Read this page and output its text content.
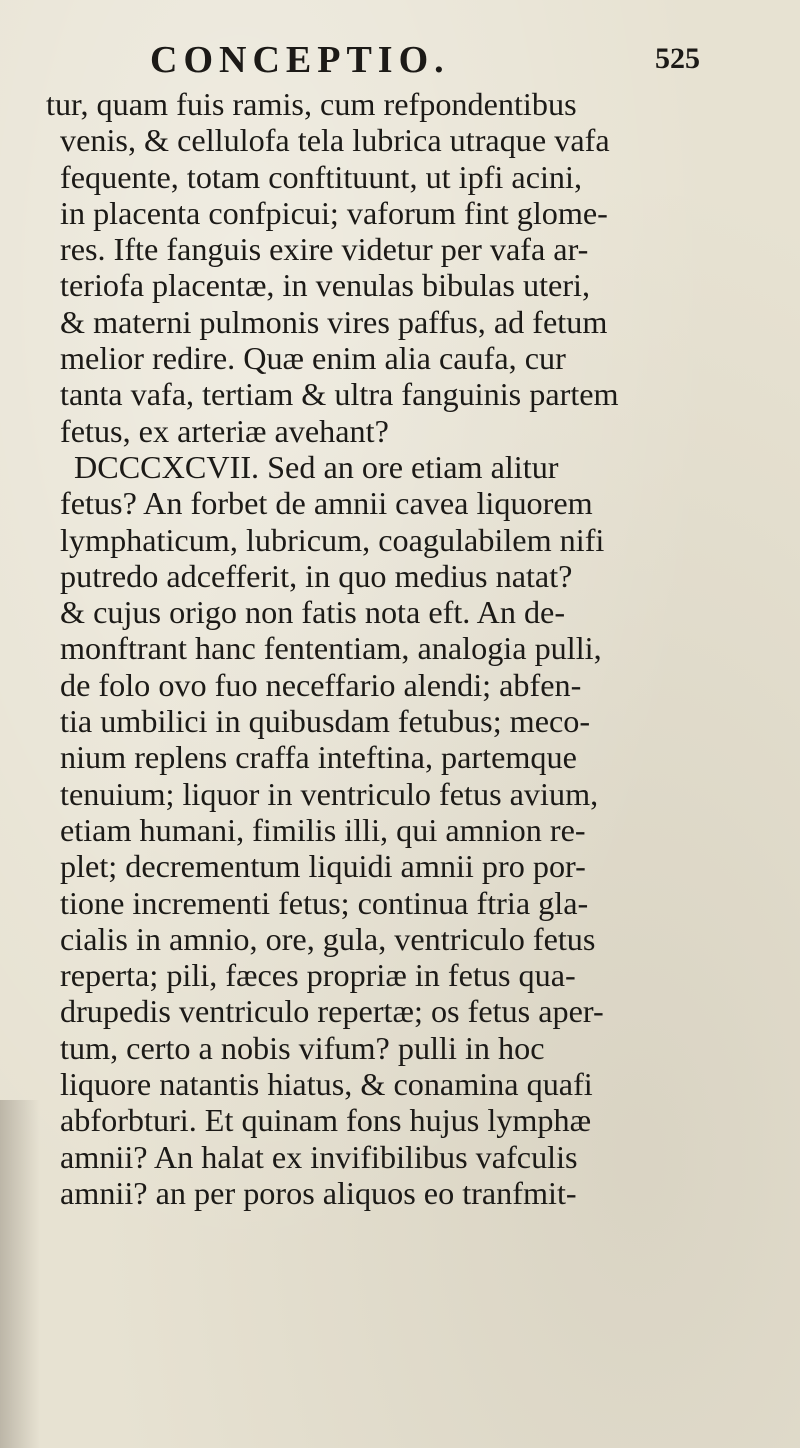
CONCEPTIO.	525
tur, quam fuis ramis, cum refpondentibus
venis, & cellulofa tela lubrica utraque vafa
fequente, totam conftituunt, ut ipfi acini,
in placenta confpicui; vaforum fint glome-
res. Ifte fanguis exire videtur per vafa ar-
teriofa placentæ, in venulas bibulas uteri,
& materni pulmonis vires paffus, ad fetum
melior redire. Quæ enim alia caufa, cur
tanta vafa, tertiam & ultra fanguinis partem
fetus, ex arteriæ avehant?
DCCCXCVII. Sed an ore etiam alitur
fetus? An forbet de amnii cavea liquorem
lymphaticum, lubricum, coagulabilem nifi
putredo adcefferit, in quo medius natat?
& cujus origo non fatis nota eft. An de-
monftrant hanc fententiam, analogia pulli,
de folo ovo fuo neceffario alendi; abfen-
tia umbilici in quibusdam fetubus; meco-
nium replens craffa inteftina, partemque
tenuium; liquor in ventriculo fetus avium,
etiam humani, fimilis illi, qui amnion re-
plet; decrementum liquidi amnii pro por-
tione incrementi fetus; continua ftria gla-
cialis in amnio, ore, gula, ventriculo fetus
reperta; pili, fæces propriæ in fetus qua-
drupedis ventriculo repertæ; os fetus aper-
tum, certo a nobis vifum? pulli in hoc
liquore natantis hiatus, & conamina quafi
abforbturi. Et quinam fons hujus lymphæ
amnii? An halat ex invifibilibus vafculis
amnii? an per poros aliquos eo tranfmit-
